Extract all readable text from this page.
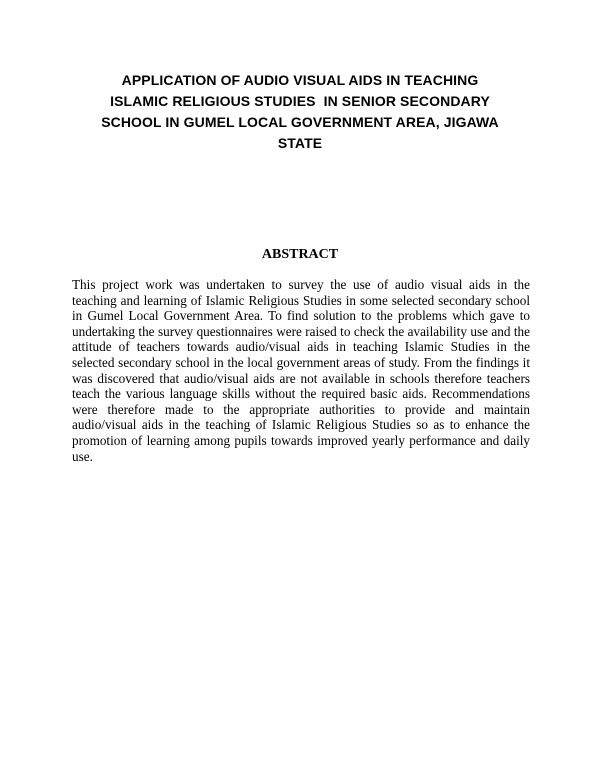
APPLICATION OF AUDIO VISUAL AIDS IN TEACHING
ISLAMIC RELIGIOUS STUDIES  IN SENIOR SECONDARY
SCHOOL IN GUMEL LOCAL GOVERNMENT AREA, JIGAWA
STATE
ABSTRACT

This project work was undertaken to survey the use of audio visual aids in the teaching and learning of Islamic Religious Studies in some selected secondary school in Gumel Local Government Area. To find solution to the problems which gave to undertaking the survey questionnaires were raised to check the availability use and the attitude of teachers towards audio/visual aids in teaching Islamic Studies in the selected secondary school in the local government areas of study. From the findings it was discovered that audio/visual aids are not available in schools therefore teachers teach the various language skills without the required basic aids. Recommendations were therefore made to the appropriate authorities to provide and maintain audio/visual aids in the teaching of Islamic Religious Studies so as to enhance the promotion of learning among pupils towards improved yearly performance and daily use.
